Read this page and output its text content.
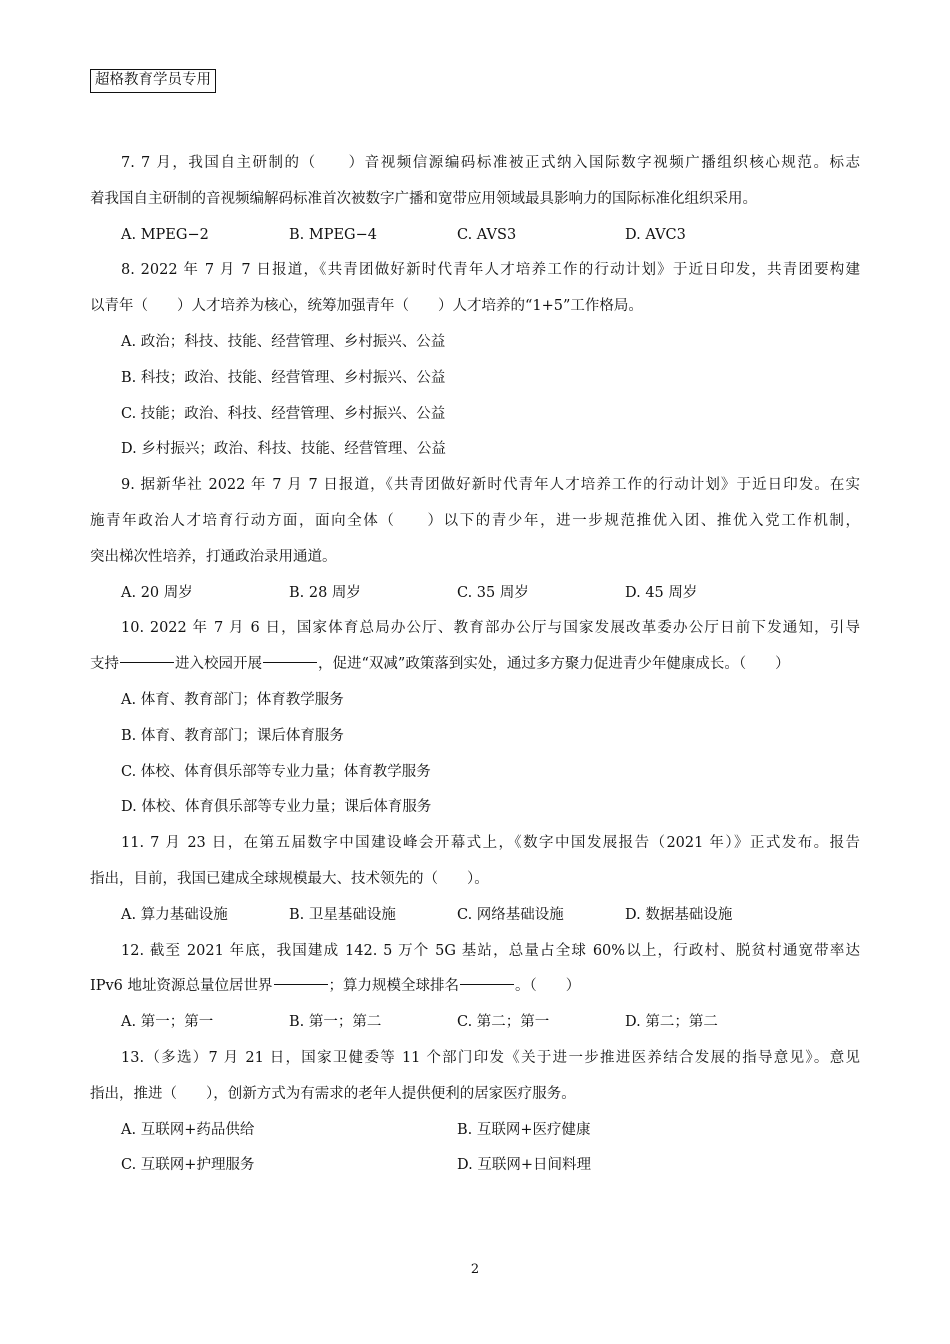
超格教育学员专用
7. 7 月，我国自主研制的（　　）音视频信源编码标准被正式纳入国际数字视频广播组织核心规范。标志
着我国自主研制的音视频编解码标准首次被数字广播和宽带应用领域最具影响力的国际标准化组织采用。
A. MPEG−2	B. MPEG−4	C. AVS3	D. AVC3
8. 2022 年 7 月 7 日报道，《共青团做好新时代青年人才培养工作的行动计划》于近日印发，共青团要构建
以青年（　　）人才培养为核心，统筹加强青年（　　）人才培养的“1+5”工作格局。
A. 政治；科技、技能、经营管理、乡村振兴、公益
B. 科技；政治、技能、经营管理、乡村振兴、公益
C. 技能；政治、科技、经营管理、乡村振兴、公益
D. 乡村振兴；政治、科技、技能、经营管理、公益
9. 据新华社 2022 年 7 月 7 日报道，《共青团做好新时代青年人才培养工作的行动计划》于近日印发。在实
施青年政治人才培育行动方面，面向全体（　　）以下的青少年，进一步规范推优入团、推优入党工作机制，
突出梯次性培养，打通政治录用通道。
A. 20 周岁	B. 28 周岁	C. 35 周岁	D. 45 周岁
10. 2022 年 7 月 6 日，国家体育总局办公厅、教育部办公厅与国家发展改革委办公厅日前下发通知，引导
支持	进入校园开展	，促进“双减”政策落到实处，通过多方聚力促进青少年健康成长。（　　）
A. 体育、教育部门；体育教学服务
B. 体育、教育部门；课后体育服务
C. 体校、体育俱乐部等专业力量；体育教学服务
D. 体校、体育俱乐部等专业力量；课后体育服务
11. 7 月 23 日，在第五届数字中国建设峰会开幕式上，《数字中国发展报告（2021 年）》正式发布。报告
指出，目前，我国已建成全球规模最大、技术领先的（　　）。
A. 算力基础设施	B. 卫星基础设施	C. 网络基础设施	D. 数据基础设施
12. 截至 2021 年底，我国建成 142. 5 万个 5G 基站，总量占全球 60%以上，行政村、脱贫村通宽带率达
IPv6 地址资源总量位居世界	；算力规模全球排名	。（　　）
A. 第一；第一	B. 第一；第二	C. 第二；第一	D. 第二；第二
13.（多选）7 月 21 日，国家卫健委等 11 个部门印发《关于进一步推进医养结合发展的指导意见》。意见
指出，推进（　　），创新方式为有需求的老年人提供便利的居家医疗服务。
A. 互联网+药品供给	B. 互联网+医疗健康
C. 互联网+护理服务	D. 互联网+日间料理
2
